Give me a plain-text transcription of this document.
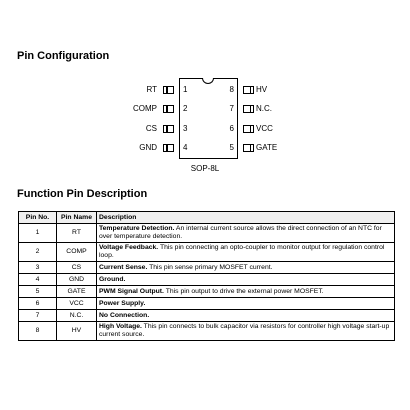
Pin Configuration
RT
COMP
CS
GND
1
2
3
4
8
7
6
5
HV
N.C.
VCC
GATE
SOP-8L
Function Pin Description
Pin No.	Pin Name	Description
1	RT	Temperature Detection. An internal current source allows the direct connection of an NTC for over temperature detection.
2	COMP	Voltage Feedback. This pin connecting an opto-coupler to monitor output for regulation control loop.
3	CS	Current Sense. This pin sense primary MOSFET current.
4	GND	Ground.
5	GATE	PWM Signal Output. This pin output to drive the external power MOSFET.
6	VCC	Power Supply.
7	N.C.	No Connection.
8	HV	High Voltage. This pin connects to bulk capacitor via resistors for controller high voltage start-up current source.
